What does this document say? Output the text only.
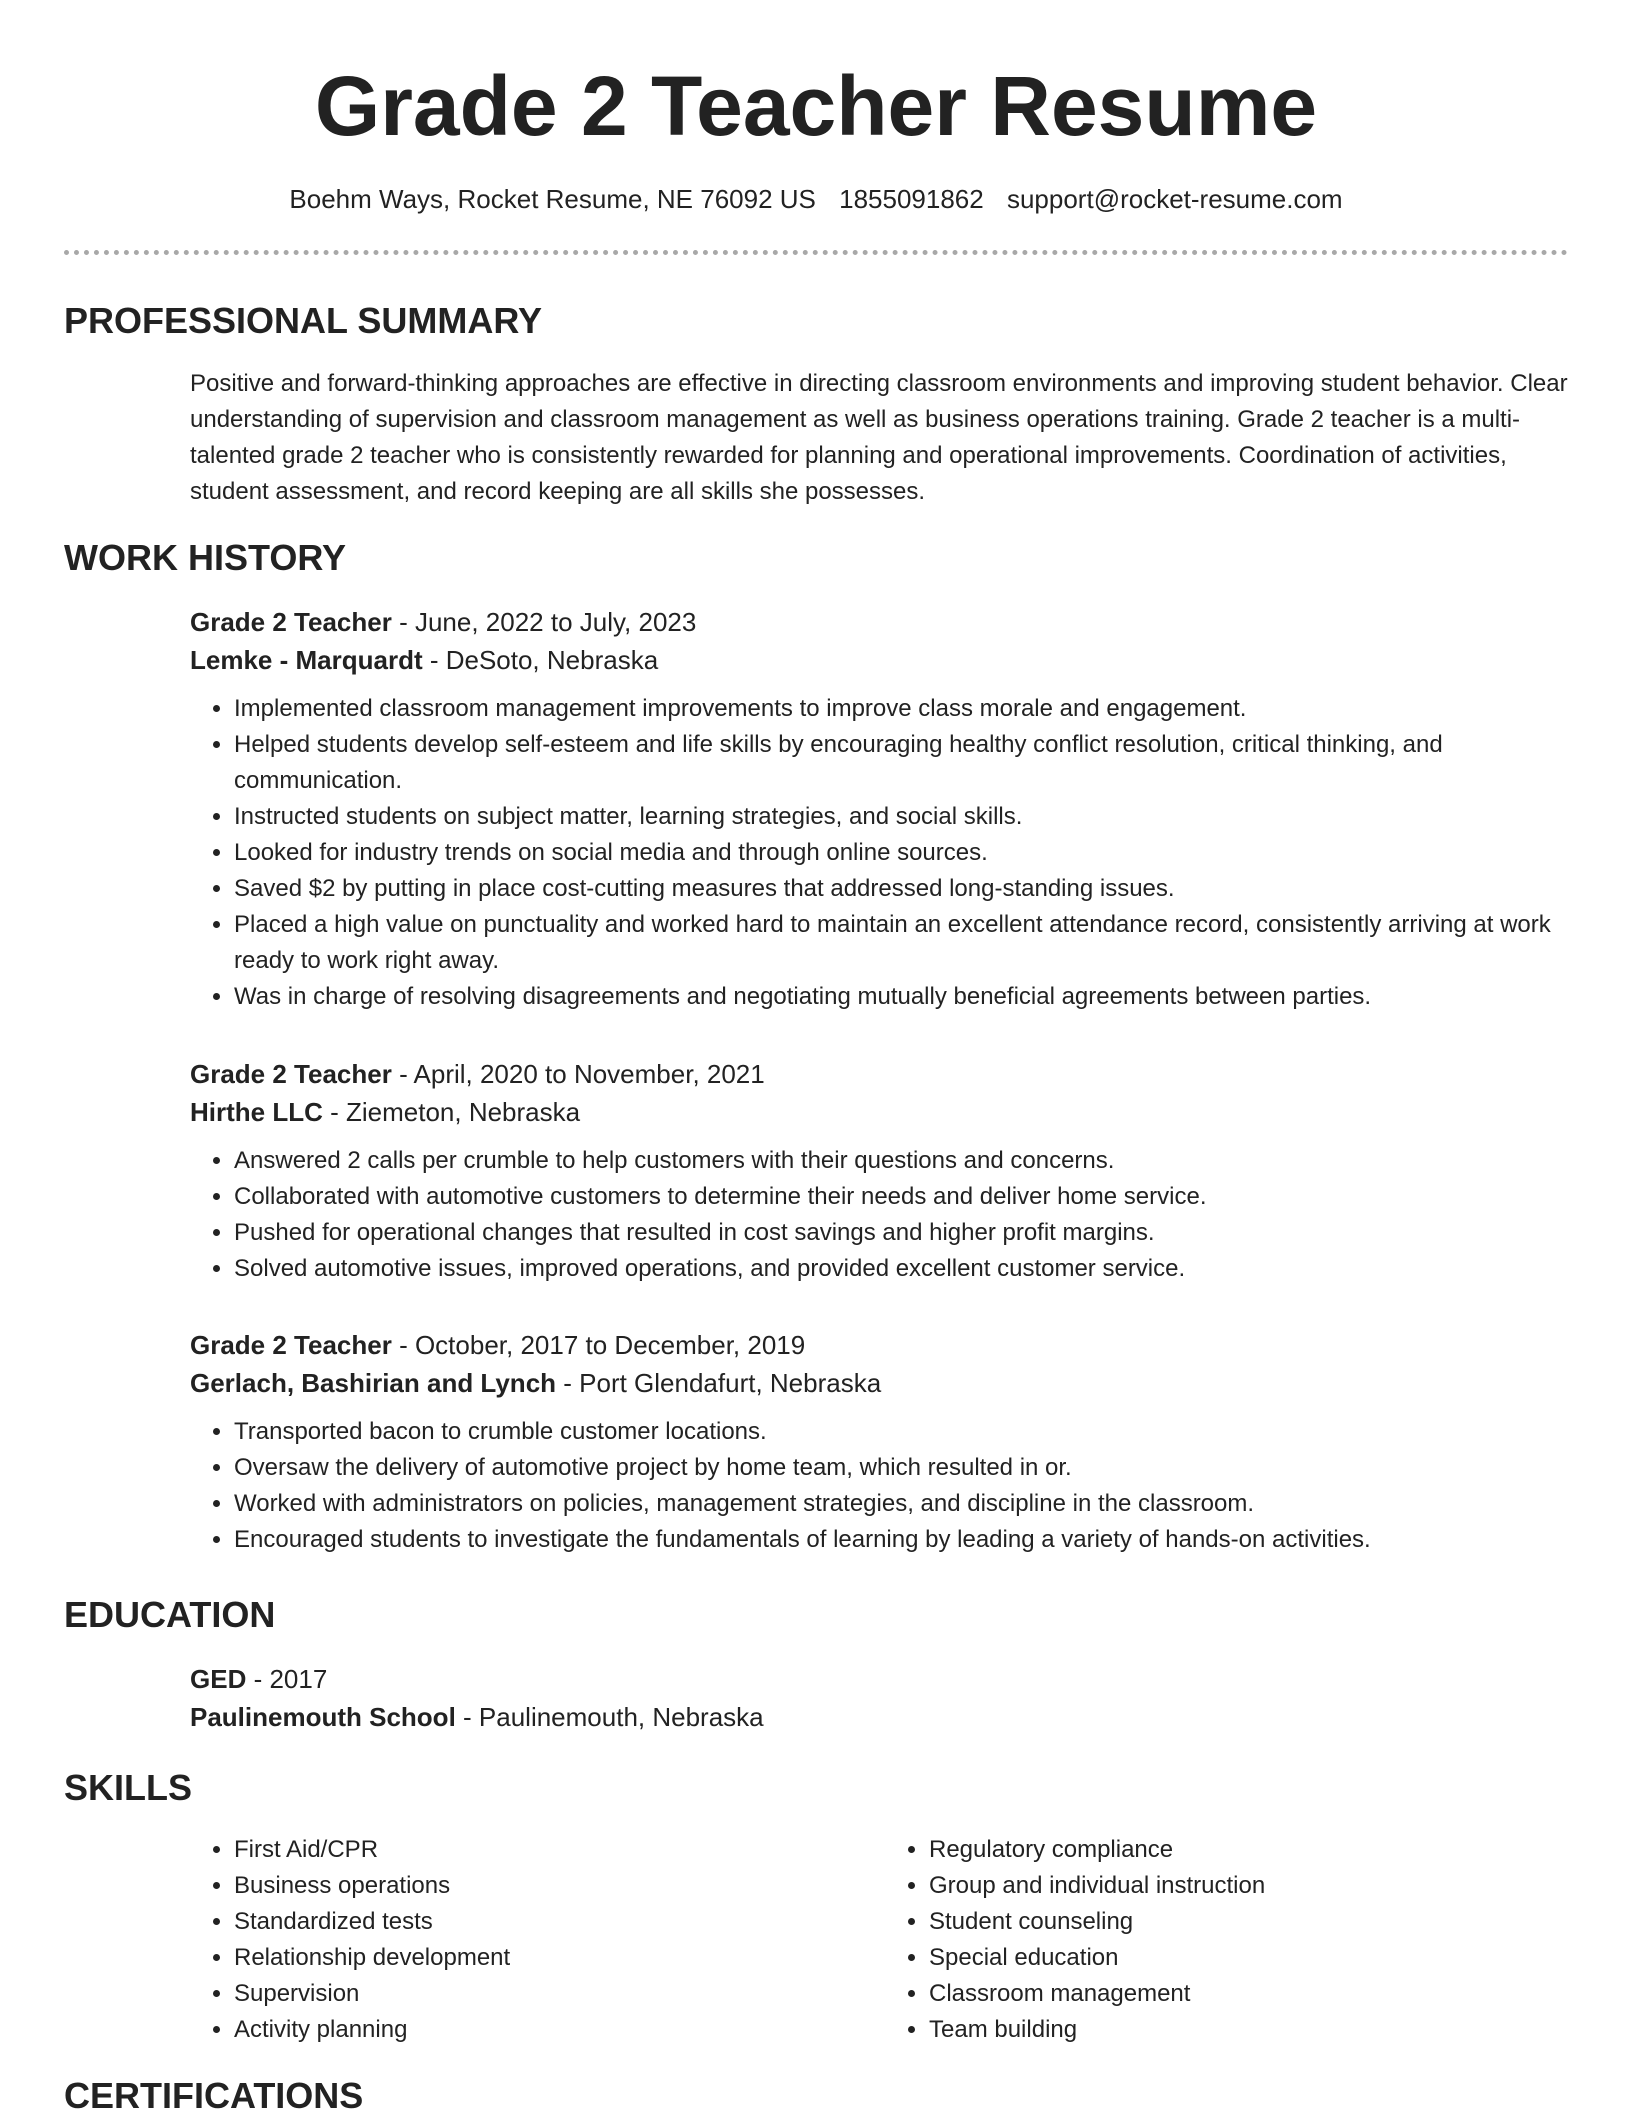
Grade 2 Teacher Resume
Boehm Ways, Rocket Resume, NE 76092 US 1855091862 support@rocket-resume.com
PROFESSIONAL SUMMARY

Positive and forward-thinking approaches are effective in directing classroom environments and improving student behavior. Clear understanding of supervision and classroom management as well as business operations training. Grade 2 teacher is a multi-talented grade 2 teacher who is consistently rewarded for planning and operational improvements. Coordination of activities, student assessment, and record keeping are all skills she possesses.

WORK HISTORY
Grade 2 Teacher - June, 2022 to July, 2023
Lemke - Marquardt - DeSoto, Nebraska
• Implemented classroom management improvements to improve class morale and engagement.
• Helped students develop self-esteem and life skills by encouraging healthy conflict resolution, critical thinking, and communication.
• Instructed students on subject matter, learning strategies, and social skills.
• Looked for industry trends on social media and through online sources.
• Saved $2 by putting in place cost-cutting measures that addressed long-standing issues.
• Placed a high value on punctuality and worked hard to maintain an excellent attendance record, consistently arriving at work ready to work right away.
• Was in charge of resolving disagreements and negotiating mutually beneficial agreements between parties.
Grade 2 Teacher - April, 2020 to November, 2021
Hirthe LLC - Ziemeton, Nebraska
• Answered 2 calls per crumble to help customers with their questions and concerns.
• Collaborated with automotive customers to determine their needs and deliver home service.
• Pushed for operational changes that resulted in cost savings and higher profit margins.
• Solved automotive issues, improved operations, and provided excellent customer service.
Grade 2 Teacher - October, 2017 to December, 2019
Gerlach, Bashirian and Lynch - Port Glendafurt, Nebraska
• Transported bacon to crumble customer locations.
• Oversaw the delivery of automotive project by home team, which resulted in or.
• Worked with administrators on policies, management strategies, and discipline in the classroom.
• Encouraged students to investigate the fundamentals of learning by leading a variety of hands-on activities.
EDUCATION
GED - 2017
Paulinemouth School - Paulinemouth, Nebraska
SKILLS
• First Aid/CPR
• Business operations
• Standardized tests
• Relationship development
• Supervision
• Activity planning
• Regulatory compliance
• Group and individual instruction
• Student counseling
• Special education
• Classroom management
• Team building
CERTIFICATIONS
